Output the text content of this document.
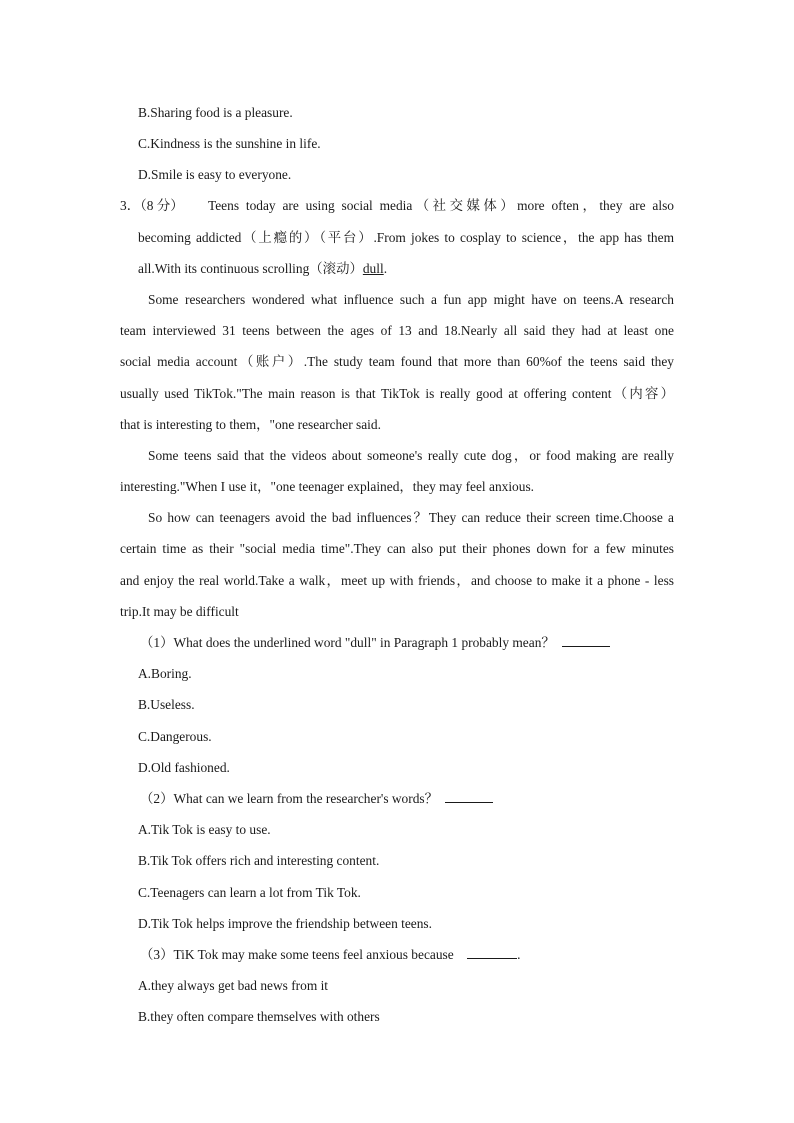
B.Sharing food is a pleasure.
C.Kindness is the sunshine in life.
D.Smile is easy to everyone.
3．（8 分） Teens today are using social media（社交媒体）more often，they are also
becoming addicted（上瘾的）（平台）.From jokes to cosplay to science，the app has them
all.With its continuous scrolling（滚动）dull.
Some researchers wondered what influence such a fun app might have on teens.A research
team interviewed 31 teens between the ages of 13 and 18.Nearly all said they had at least one
social media account（账户）.The study team found that more than 60%of the teens said they
usually used TikTok."The main reason is that TikTok is really good at offering content（内容）
that is interesting to them，"one researcher said.
Some teens said that the videos about someone's really cute dog，or food making are really
interesting."When I use it，"one teenager explained，they may feel anxious.
So how can teenagers avoid the bad influences？They can reduce their screen time.Choose a
certain time as their "social media time".They can also put their phones down for a few minutes
and enjoy the real world.Take a walk，meet up with friends，and choose to make it a phone - less
trip.It may be difficult
（1）What does the underlined word "dull" in Paragraph 1 probably mean？
A.Boring.
B.Useless.
C.Dangerous.
D.Old fashioned.
（2）What can we learn from the researcher's words？
A.Tik Tok is easy to use.
B.Tik Tok offers rich and interesting content.
C.Teenagers can learn a lot from Tik Tok.
D.Tik Tok helps improve the friendship between teens.
（3）TiK Tok may make some teens feel anxious because	.
A.they always get bad news from it
B.they often compare themselves with others
